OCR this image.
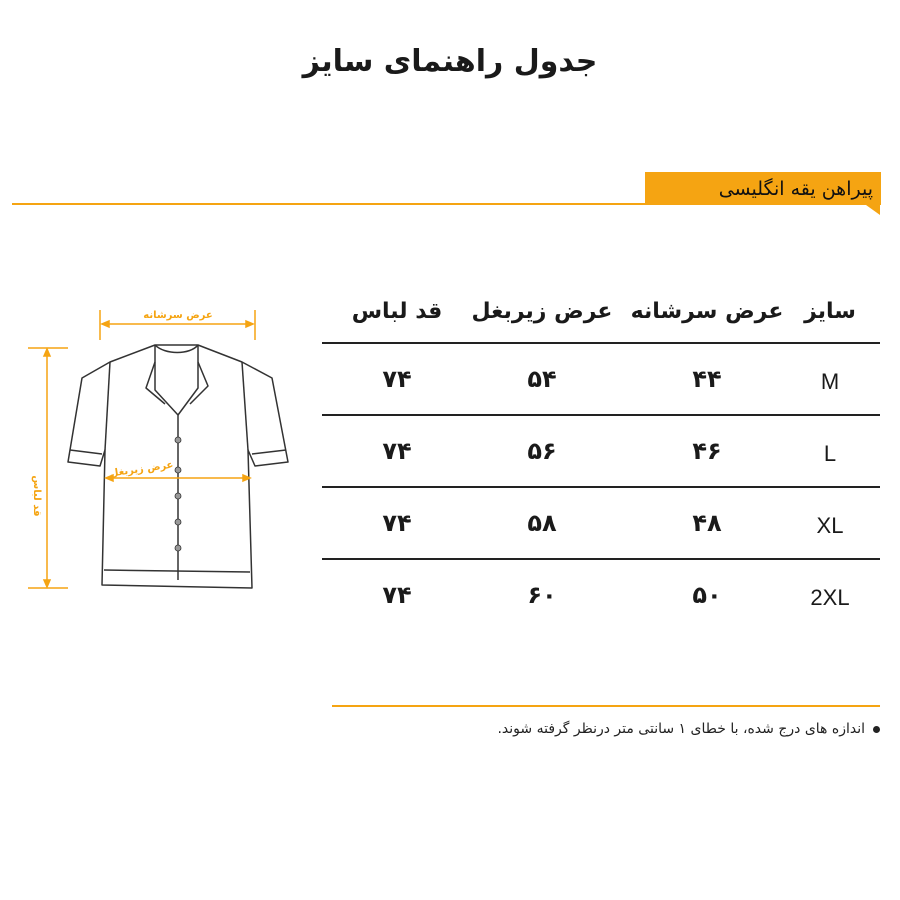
جدول راهنمای سایز
پیراهن یقه انگلیسی
عرض سرشانه
قد لباس
عرض زیربغل
سایز
عرض سرشانه
عرض زیربغل
قد لباس
M
۴۴
۵۴
۷۴
L
۴۶
۵۶
۷۴
XL
۴۸
۵۸
۷۴
2XL
۵۰
۶۰
۷۴
اندازه های درج شده، با خطای ۱ سانتی متر درنظر گرفته شوند.
